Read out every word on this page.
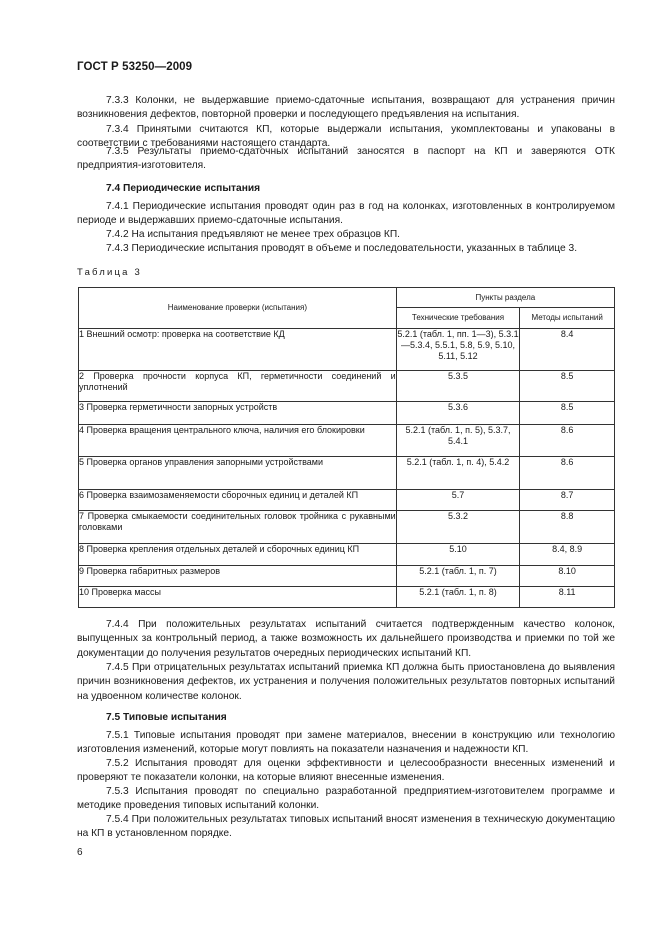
ГОСТ Р 53250—2009

7.3.3 Колонки, не выдержавшие приемо-сдаточные испытания, возвращают для устранения причин возникновения дефектов, повторной проверки и последующего предъявления на испытания.

7.3.4 Принятыми считаются КП, которые выдержали испытания, укомплектованы и упакованы в соответствии с требованиями настоящего стандарта.

7.3.5 Результаты приемо-сдаточных испытаний заносятся в паспорт на КП и заверяются ОТК предприятия-изготовителя.

7.4 Периодические испытания

7.4.1 Периодические испытания проводят один раз в год на колонках, изготовленных в контролируемом периоде и выдержавших приемо-сдаточные испытания.

7.4.2 На испытания предъявляют не менее трех образцов КП.

7.4.3 Периодические испытания проводят в объеме и последовательности, указанных в таблице 3.

Таблица 3
Наименование проверки (испытания)	Пункты раздела	
	Технические требования	Методы испытаний
1 Внешний осмотр: проверка на соответствие КД	5.2.1 (табл. 1, пп. 1—3), 5.3.1—5.3.4, 5.5.1, 5.8, 5.9, 5.10, 5.11, 5.12	8.4
2 Проверка прочности корпуса КП, герметичности соединений и уплотнений	5.3.5	8.5
3 Проверка герметичности запорных устройств	5.3.6	8.5
4 Проверка вращения центрального ключа, наличия его блокировки	5.2.1 (табл. 1, п. 5), 5.3.7, 5.4.1	8.6
5 Проверка органов управления запорными устройствами	5.2.1 (табл. 1, п. 4), 5.4.2	8.6
6 Проверка взаимозаменяемости сборочных единиц и деталей КП	5.7	8.7
7 Проверка смыкаемости соединительных головок тройника с рукавными головками	5.3.2	8.8
8 Проверка крепления отдельных деталей и сборочных единиц КП	5.10	8.4, 8.9
9 Проверка габаритных размеров	5.2.1 (табл. 1, п. 7)	8.10
10 Проверка массы	5.2.1 (табл. 1, п. 8)	8.11

7.4.4 При положительных результатах испытаний считается подтвержденным качество колонок, выпущенных за контрольный период, а также возможность их дальнейшего производства и приемки по той же документации до получения результатов очередных периодических испытаний КП.

7.4.5 При отрицательных результатах испытаний приемка КП должна быть приостановлена до выявления причин возникновения дефектов, их устранения и получения положительных результатов повторных испытаний на удвоенном количестве колонок.

7.5 Типовые испытания

7.5.1 Типовые испытания проводят при замене материалов, внесении в конструкцию или технологию изготовления изменений, которые могут повлиять на показатели назначения и надежности КП.

7.5.2 Испытания проводят для оценки эффективности и целесообразности внесенных изменений и проверяют те показатели колонки, на которые влияют внесенные изменения.

7.5.3 Испытания проводят по специально разработанной предприятием-изготовителем программе и методике проведения типовых испытаний колонки.

7.5.4 При положительных результатах типовых испытаний вносят изменения в техническую документацию на КП в установленном порядке.

6
